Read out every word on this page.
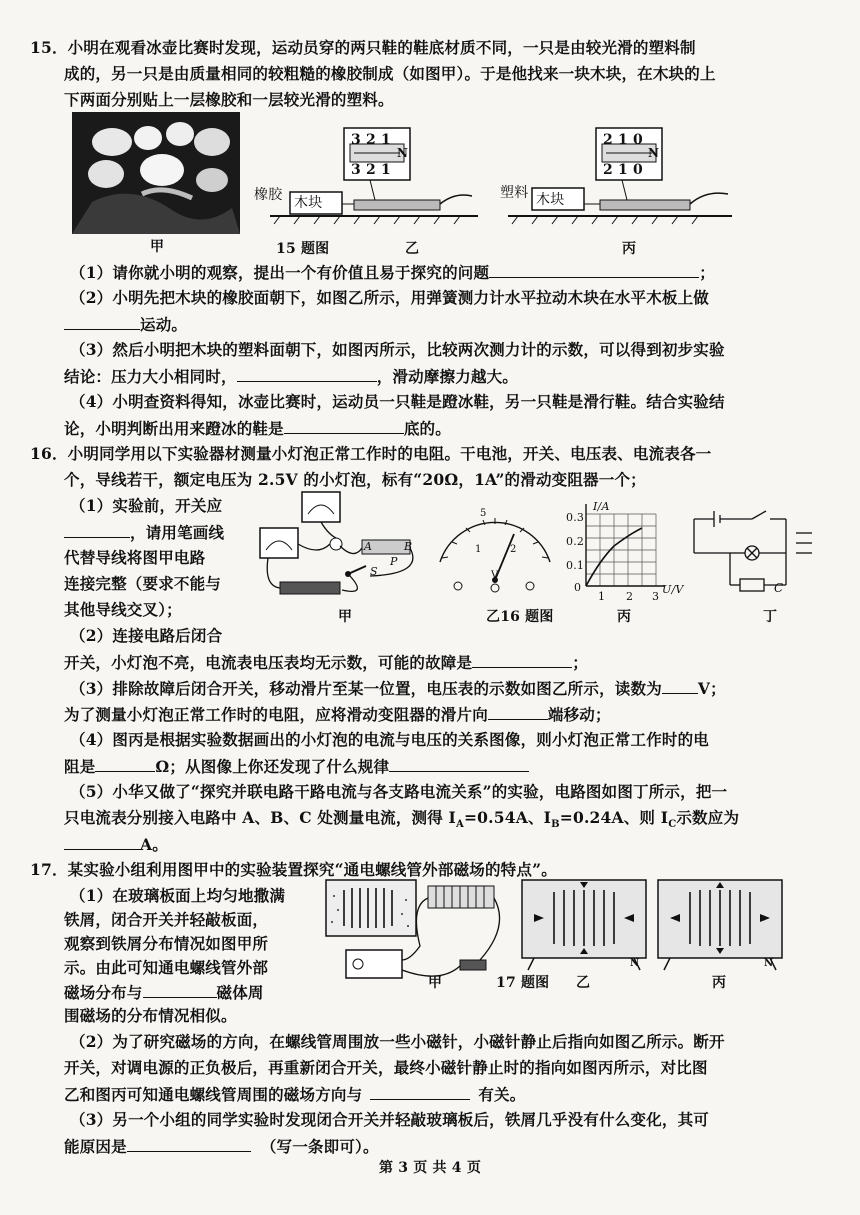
15．小明在观看冰壶比赛时发现，运动员穿的两只鞋的鞋底材质不同，一只是由较光滑的塑料制
成的，另一只是由质量相同的较粗糙的橡胶制成（如图甲）。于是他找来一块木块，在木块的上
下两面分别贴上一层橡胶和一层较光滑的塑料。
甲
3 2 1
3 2 1
N
橡胶 木块
15 题图	乙
2 1 0
2 1 0
N
塑料 木块
丙
（1）请你就小明的观察，提出一个有价值且易于探究的问题	；
（2）小明先把木块的橡胶面朝下，如图乙所示，用弹簧测力计水平拉动木块在水平木板上做
运动。
（3）然后小明把木块的塑料面朝下，如图丙所示，比较两次测力计的示数，可以得到初步实验
结论：压力大小相同时，	，滑动摩擦力越大。
（4）小明查资料得知，冰壶比赛时，运动员一只鞋是蹬冰鞋，另一只鞋是滑行鞋。结合实验结
论，小明判断出用来蹬冰的鞋是	底的。
16．小明同学用以下实验器材测量小灯泡正常工作时的电阻。干电池，开关、电压表、电流表各一
个，导线若干，额定电压为 2.5V 的小灯泡，标有“20Ω，1A”的滑动变阻器一个；
（1）实验前，开关应
，请用笔画线
代替导线将图甲电路
连接完整（要求不能与
其他导线交叉）；
A	B
S
P
甲
5
1	2
V
乙16 题图
I/A
0.3
0.2
0.1
0
1 2 3
U/V
丙
C
丁
（2）连接电路后闭合
开关，小灯泡不亮，电流表电压表均无示数，可能的故障是	；
（3）排除故障后闭合开关，移动滑片至某一位置，电压表的示数如图乙所示，读数为 V；
为了测量小灯泡正常工作时的电阻，应将滑动变阻器的滑片向	端移动；
（4）图丙是根据实验数据画出的小灯泡的电流与电压的关系图像，则小灯泡正常工作时的电
阻是	Ω；从图像上你还发现了什么规律
（5）小华又做了“探究并联电路干路电流与各支路电流关系”的实验，电路图如图丁所示，把一
只电流表分别接入电路中 A、B、C 处测量电流，测得 $I_A=0.54A$、$I_B=0.24A$、则 $I_C$示数应为
A。
17．某实验小组利用图甲中的实验装置探究“通电螺线管外部磁场的特点”。
（1）在玻璃板面上均匀地撒满
铁屑，闭合开关并轻敲板面，
观察到铁屑分布情况如图甲所
示。由此可知通电螺线管外部
磁场分布与	磁体周
围磁场的分布情况相似。
甲	17 题图
N
乙
N
丙
（2）为了研究磁场的方向，在螺线管周围放一些小磁针，小磁针静止后指向如图乙所示。断开
开关，对调电源的正负极后，再重新闭合开关，最终小磁针静止时的指向如图丙所示，对比图
乙和图丙可知通电螺线管周围的磁场方向与	有关。
（3）另一个小组的同学实验时发现闭合开关并轻敲玻璃板后，铁屑几乎没有什么变化，其可
能原因是	（写一条即可）。
第 3 页 共 4 页
